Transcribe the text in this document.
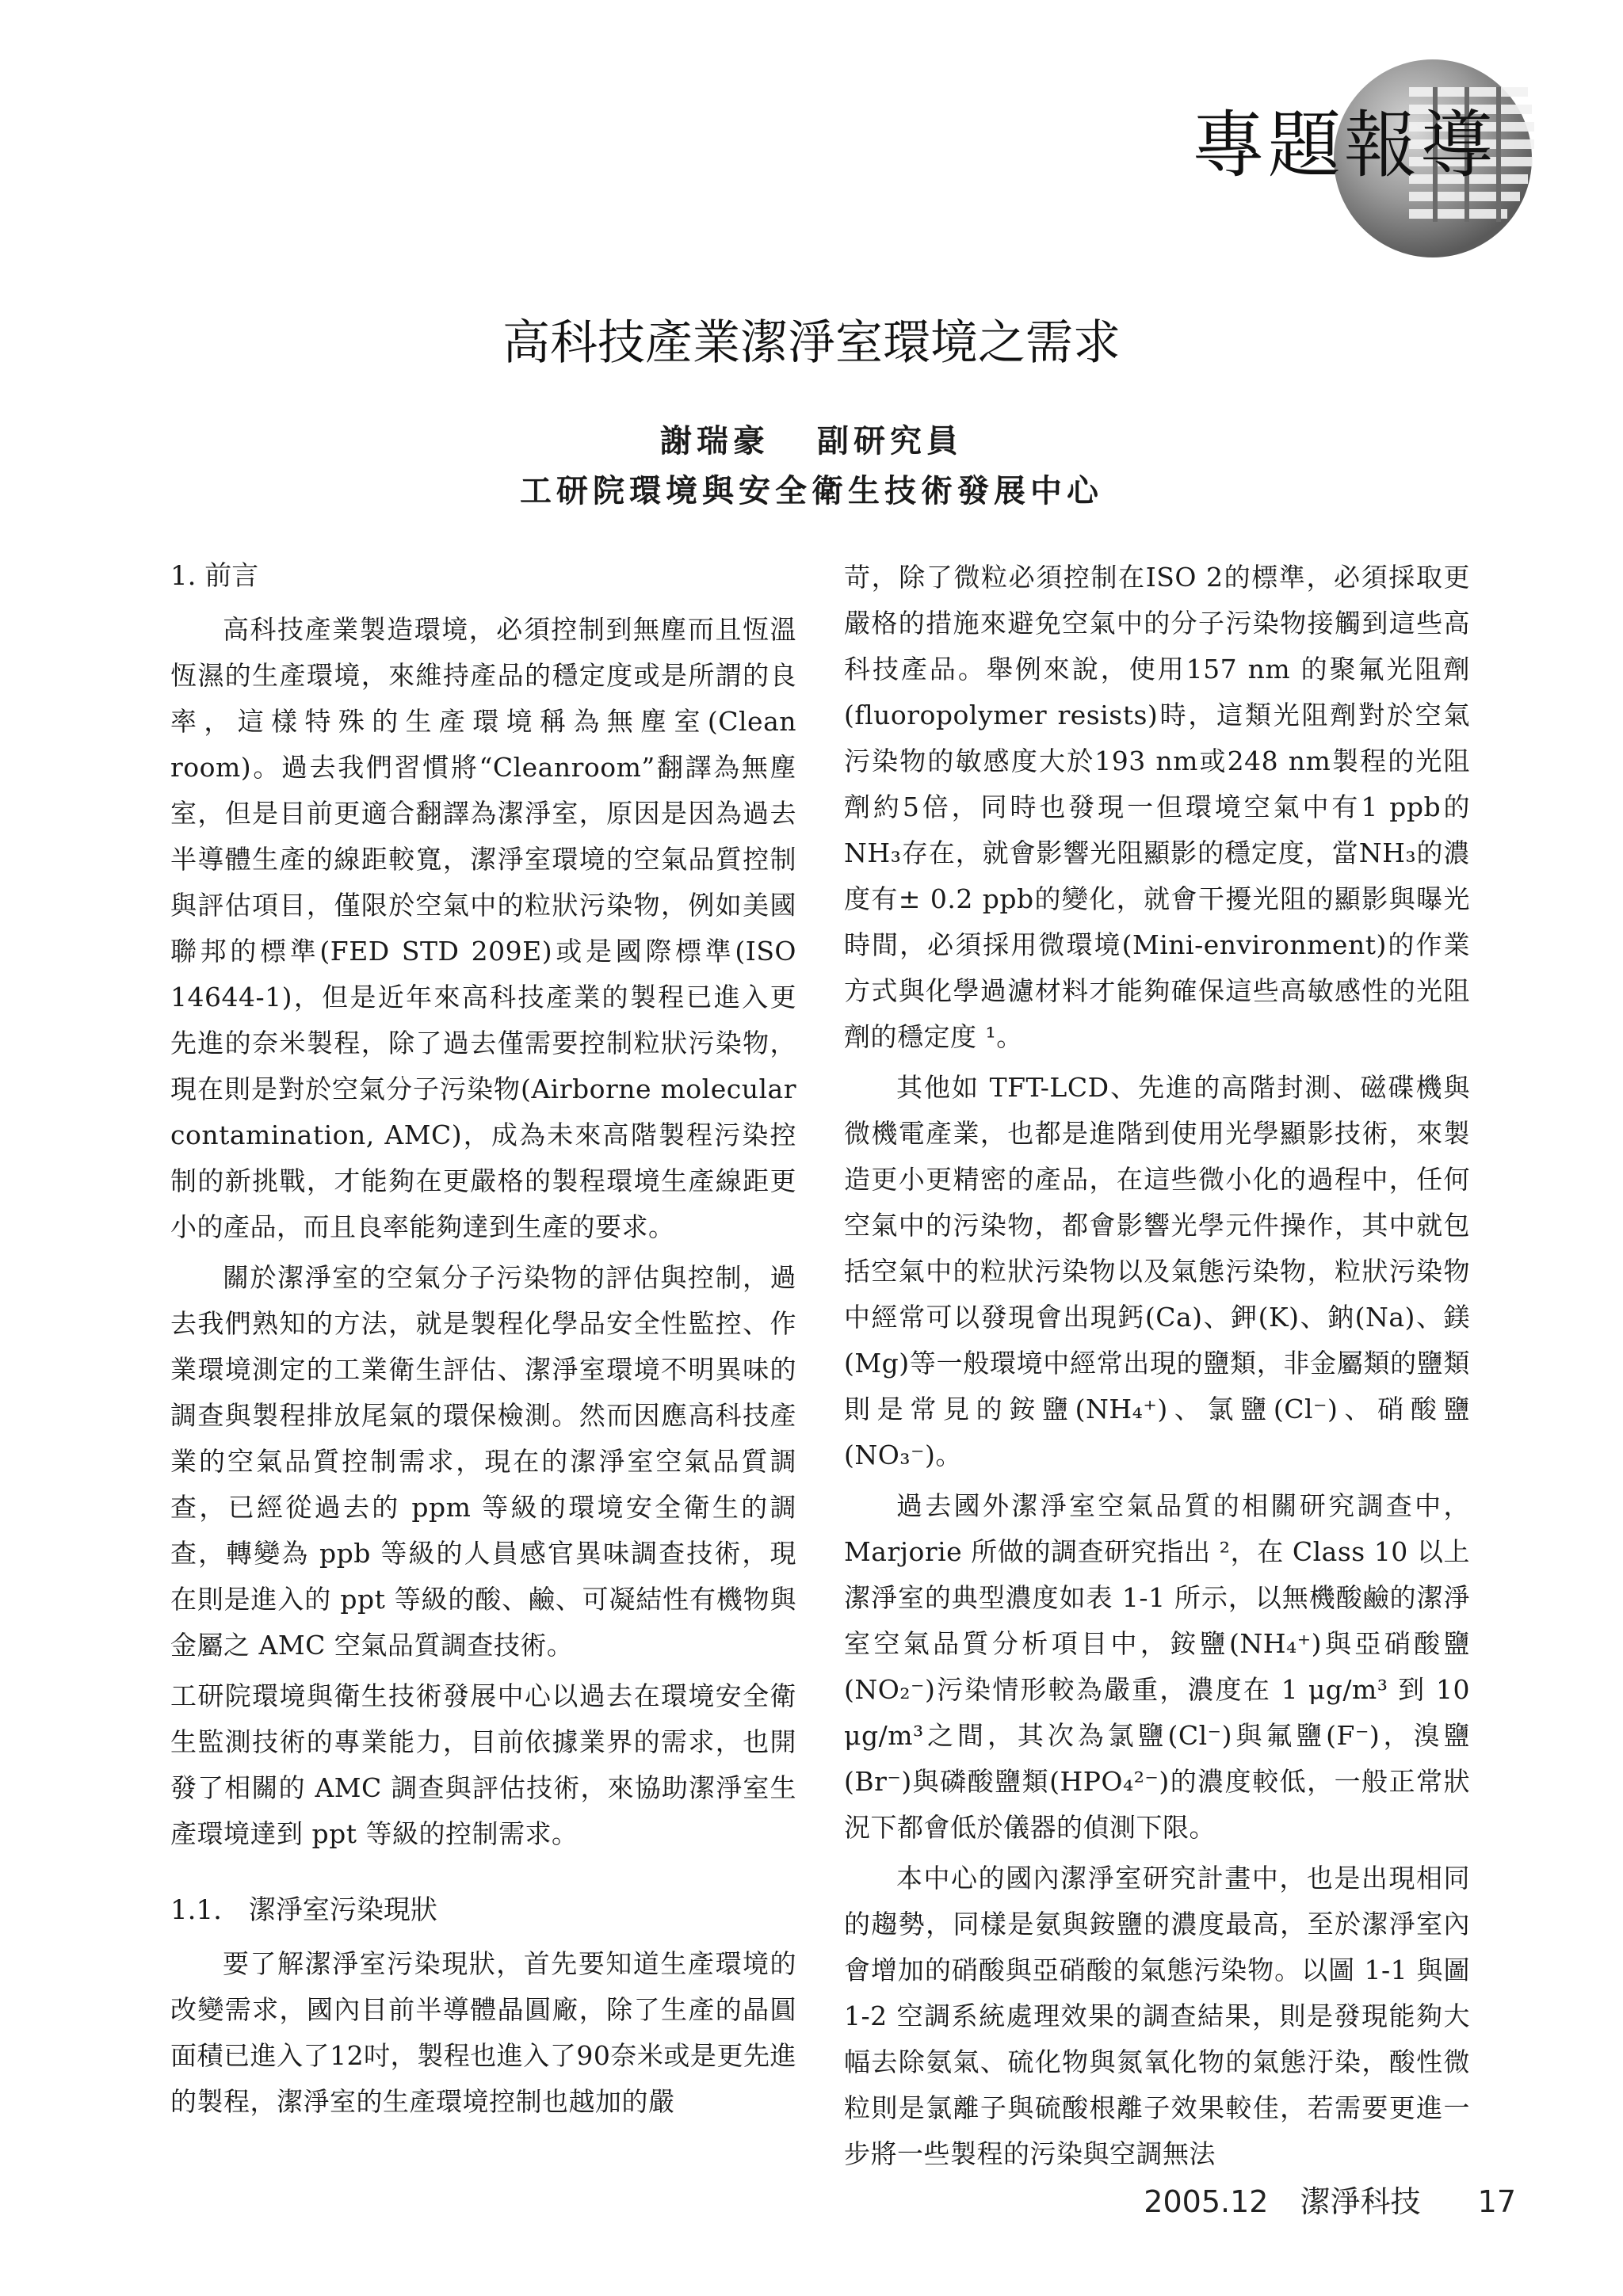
專題報導
高科技產業潔淨室環境之需求
謝瑞豪 副研究員
工研院環境與安全衛生技術發展中心
1. 前言

高科技產業製造環境，必須控制到無塵而且恆溫恆濕的生產環境，來維持產品的穩定度或是所謂的良率，這樣特殊的生產環境稱為無塵室(Clean room)。過去我們習慣將“Cleanroom”翻譯為無塵室，但是目前更適合翻譯為潔淨室，原因是因為過去半導體生產的線距較寬，潔淨室環境的空氣品質控制與評估項目，僅限於空氣中的粒狀污染物，例如美國聯邦的標準(FED STD 209E)或是國際標準(ISO 14644-1)，但是近年來高科技產業的製程已進入更先進的奈米製程，除了過去僅需要控制粒狀污染物，現在則是對於空氣分子污染物(Airborne molecular contamination, AMC)，成為未來高階製程污染控制的新挑戰，才能夠在更嚴格的製程環境生產線距更小的產品，而且良率能夠達到生產的要求。

關於潔淨室的空氣分子污染物的評估與控制，過去我們熟知的方法，就是製程化學品安全性監控、作業環境測定的工業衛生評估、潔淨室環境不明異味的調查與製程排放尾氣的環保檢測。然而因應高科技產業的空氣品質控制需求，現在的潔淨室空氣品質調查，已經從過去的 ppm 等級的環境安全衛生的調查，轉變為 ppb 等級的人員感官異味調查技術，現在則是進入的 ppt 等級的酸、鹼、可凝結性有機物與金屬之 AMC 空氣品質調查技術。

工研院環境與衛生技術發展中心以過去在環境安全衛生監測技術的專業能力，目前依據業界的需求，也開發了相關的 AMC 調查與評估技術，來協助潔淨室生產環境達到 ppt 等級的控制需求。

1.1.　潔淨室污染現狀

要了解潔淨室污染現狀，首先要知道生產環境的改變需求，國內目前半導體晶圓廠，除了生產的晶圓面積已進入了12吋，製程也進入了90奈米或是更先進的製程，潔淨室的生產環境控制也越加的嚴

苛，除了微粒必須控制在ISO 2的標準，必須採取更嚴格的措施來避免空氣中的分子污染物接觸到這些高科技產品。舉例來說，使用157 nm 的聚氟光阻劑(fluoropolymer resists)時，這類光阻劑對於空氣污染物的敏感度大於193 nm或248 nm製程的光阻劑約5倍，同時也發現一但環境空氣中有1 ppb的NH₃存在，就會影響光阻顯影的穩定度，當NH₃的濃度有± 0.2 ppb的變化，就會干擾光阻的顯影與曝光時間，必須採用微環境(Mini-environment)的作業方式與化學過濾材料才能夠確保這些高敏感性的光阻劑的穩定度 ¹。

其他如 TFT-LCD、先進的高階封測、磁碟機與微機電產業，也都是進階到使用光學顯影技術，來製造更小更精密的產品，在這些微小化的過程中，任何空氣中的污染物，都會影響光學元件操作，其中就包括空氣中的粒狀污染物以及氣態污染物，粒狀污染物中經常可以發現會出現鈣(Ca)、鉀(K)、鈉(Na)、鎂(Mg)等一般環境中經常出現的鹽類，非金屬類的鹽類則是常見的銨鹽(NH₄⁺)、氯鹽(Cl⁻)、硝酸鹽(NO₃⁻)。

過去國外潔淨室空氣品質的相關研究調查中，Marjorie 所做的調查研究指出 ²，在 Class 10 以上潔淨室的典型濃度如表 1-1 所示，以無機酸鹼的潔淨室空氣品質分析項目中，銨鹽(NH₄⁺)與亞硝酸鹽(NO₂⁻)污染情形較為嚴重，濃度在 1 μg/m³ 到 10 μg/m³之間，其次為氯鹽(Cl⁻)與氟鹽(F⁻)，溴鹽(Br⁻)與磷酸鹽類(HPO₄²⁻)的濃度較低，一般正常狀況下都會低於儀器的偵測下限。

本中心的國內潔淨室研究計畫中，也是出現相同的趨勢，同樣是氨與銨鹽的濃度最高，至於潔淨室內會增加的硝酸與亞硝酸的氣態污染物。以圖 1-1 與圖 1-2 空調系統處理效果的調查結果，則是發現能夠大幅去除氨氣、硫化物與氮氧化物的氣態汙染，酸性微粒則是氯離子與硫酸根離子效果較佳，若需要更進一步將一些製程的污染與空調無法

2005.12 潔淨科技 17
